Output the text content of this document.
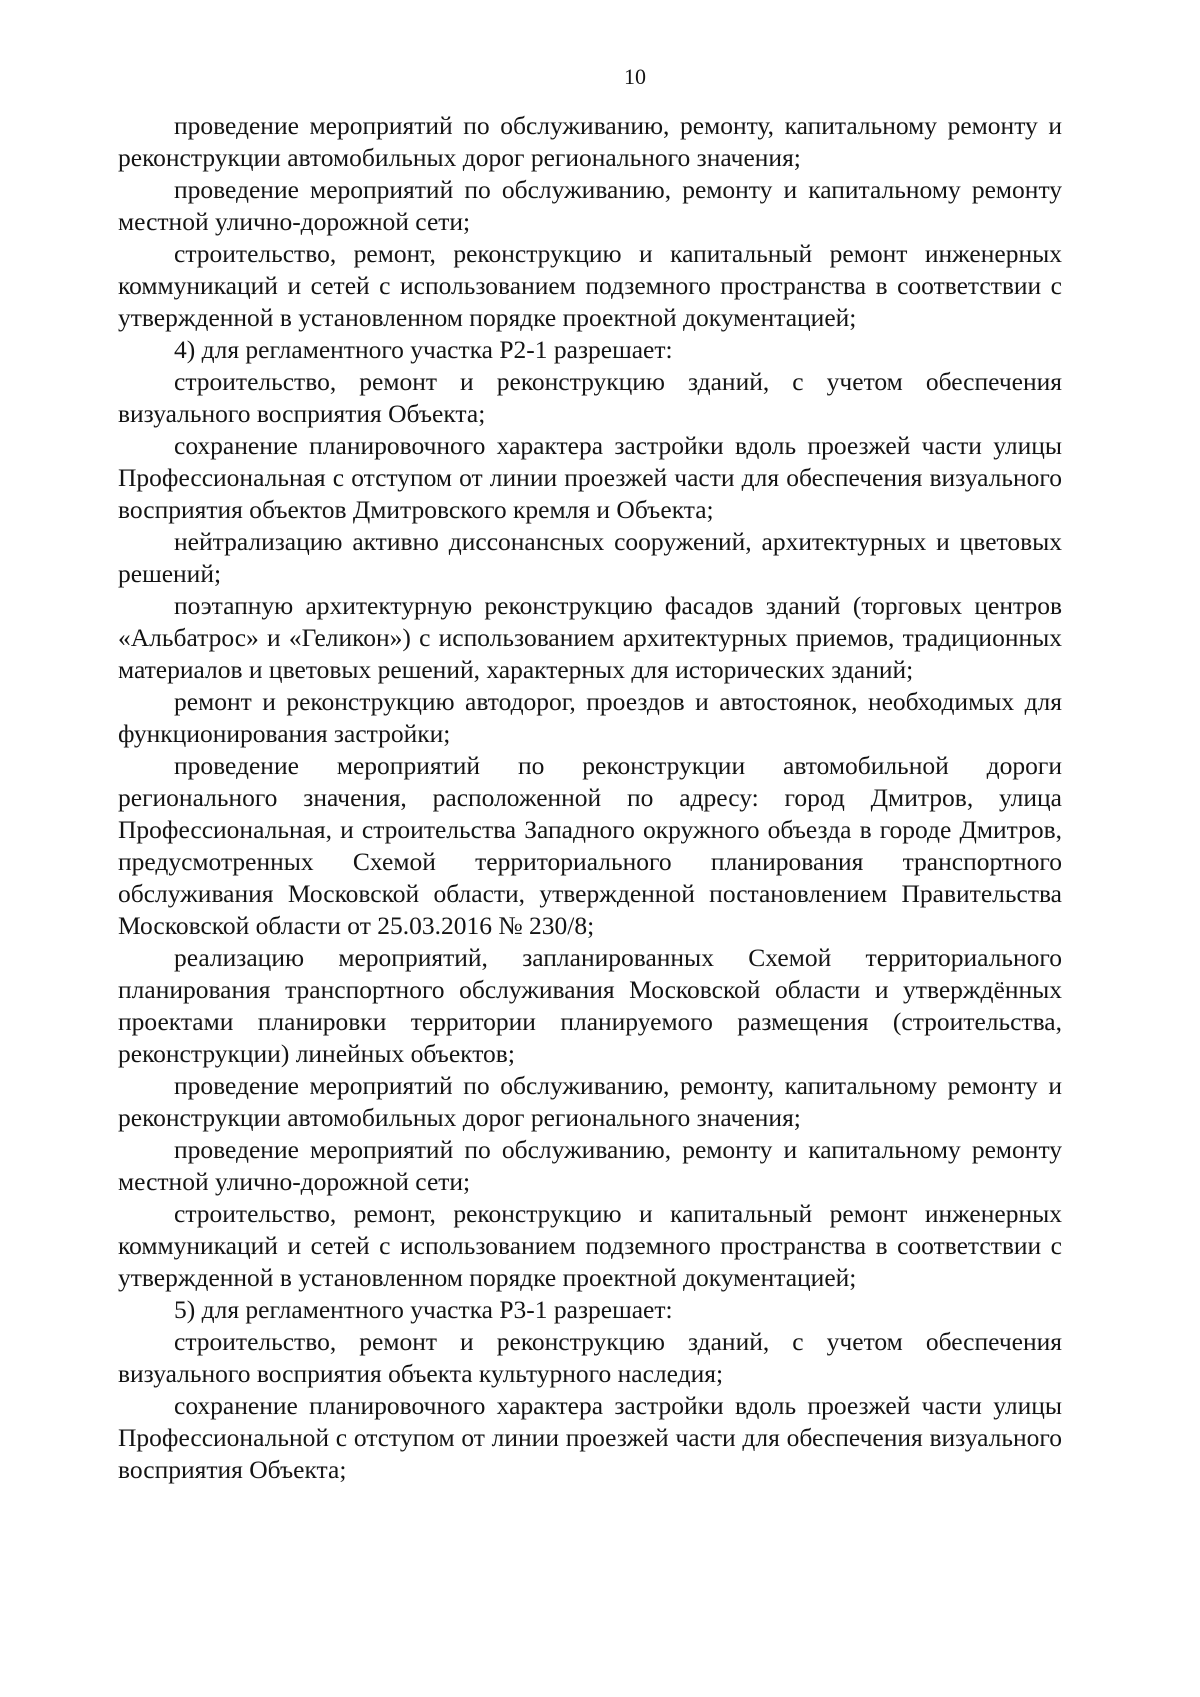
10

проведение мероприятий по обслуживанию, ремонту, капитальному ремонту и реконструкции автомобильных дорог регионального значения;

проведение мероприятий по обслуживанию, ремонту и капитальному ремонту местной улично-дорожной сети;

строительство, ремонт, реконструкцию и капитальный ремонт инженерных коммуникаций и сетей с использованием подземного пространства в соответствии с утвержденной в установленном порядке проектной документацией;

4) для регламентного участка Р2-1 разрешает:

строительство, ремонт и реконструкцию зданий, с учетом обеспечения визуального восприятия Объекта;

сохранение планировочного характера застройки вдоль проезжей части улицы Профессиональная с отступом от линии проезжей части для обеспечения визуального восприятия объектов Дмитровского кремля и Объекта;

нейтрализацию активно диссонансных сооружений, архитектурных и цветовых решений;

поэтапную архитектурную реконструкцию фасадов зданий (торговых центров «Альбатрос» и «Геликон») с использованием архитектурных приемов, традиционных материалов и цветовых решений, характерных для исторических зданий;

ремонт и реконструкцию автодорог, проездов и автостоянок, необходимых для функционирования застройки;

проведение мероприятий по реконструкции автомобильной дороги регионального значения, расположенной по адресу: город Дмитров, улица Профессиональная, и строительства Западного окружного объезда в городе Дмитров, предусмотренных Схемой территориального планирования транспортного обслуживания Московской области, утвержденной постановлением Правительства Московской области от 25.03.2016 № 230/8;

реализацию мероприятий, запланированных Схемой территориального планирования транспортного обслуживания Московской области и утверждённых проектами планировки территории планируемого размещения (строительства, реконструкции) линейных объектов;

проведение мероприятий по обслуживанию, ремонту, капитальному ремонту и реконструкции автомобильных дорог регионального значения;

проведение мероприятий по обслуживанию, ремонту и капитальному ремонту местной улично-дорожной сети;

строительство, ремонт, реконструкцию и капитальный ремонт инженерных коммуникаций и сетей с использованием подземного пространства в соответствии с утвержденной в установленном порядке проектной документацией;

5) для регламентного участка Р3-1 разрешает:

строительство, ремонт и реконструкцию зданий, с учетом обеспечения визуального восприятия объекта культурного наследия;

сохранение планировочного характера застройки вдоль проезжей части улицы Профессиональной с отступом от линии проезжей части для обеспечения визуального восприятия Объекта;
